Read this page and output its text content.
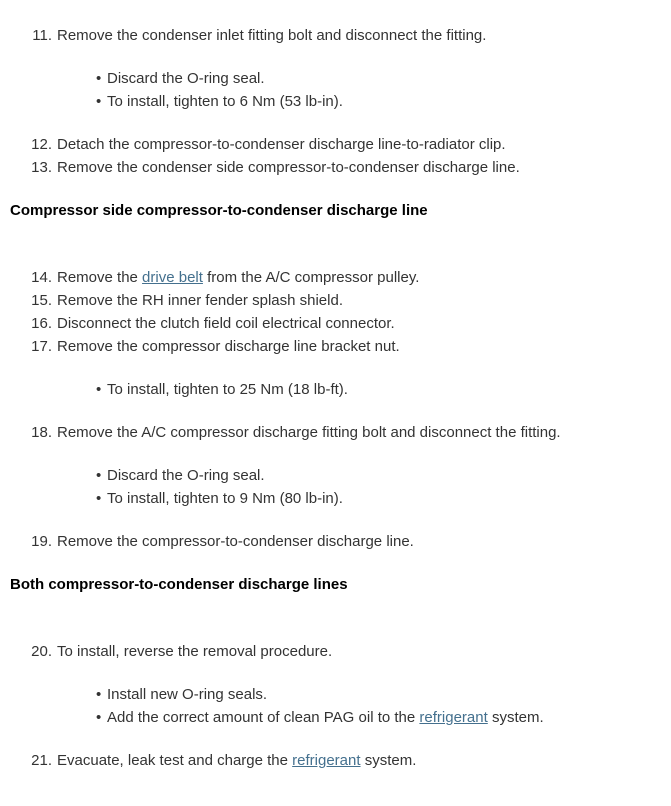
11. Remove the condenser inlet fitting bolt and disconnect the fitting.
• Discard the O-ring seal.
• To install, tighten to 6 Nm (53 lb-in).
12. Detach the compressor-to-condenser discharge line-to-radiator clip.
13. Remove the condenser side compressor-to-condenser discharge line.
Compressor side compressor-to-condenser discharge line
14. Remove the drive belt from the A/C compressor pulley.
15. Remove the RH inner fender splash shield.
16. Disconnect the clutch field coil electrical connector.
17. Remove the compressor discharge line bracket nut.
• To install, tighten to 25 Nm (18 lb-ft).
18. Remove the A/C compressor discharge fitting bolt and disconnect the fitting.
• Discard the O-ring seal.
• To install, tighten to 9 Nm (80 lb-in).
19. Remove the compressor-to-condenser discharge line.
Both compressor-to-condenser discharge lines
20. To install, reverse the removal procedure.
• Install new O-ring seals.
• Add the correct amount of clean PAG oil to the refrigerant system.
21. Evacuate, leak test and charge the refrigerant system.
